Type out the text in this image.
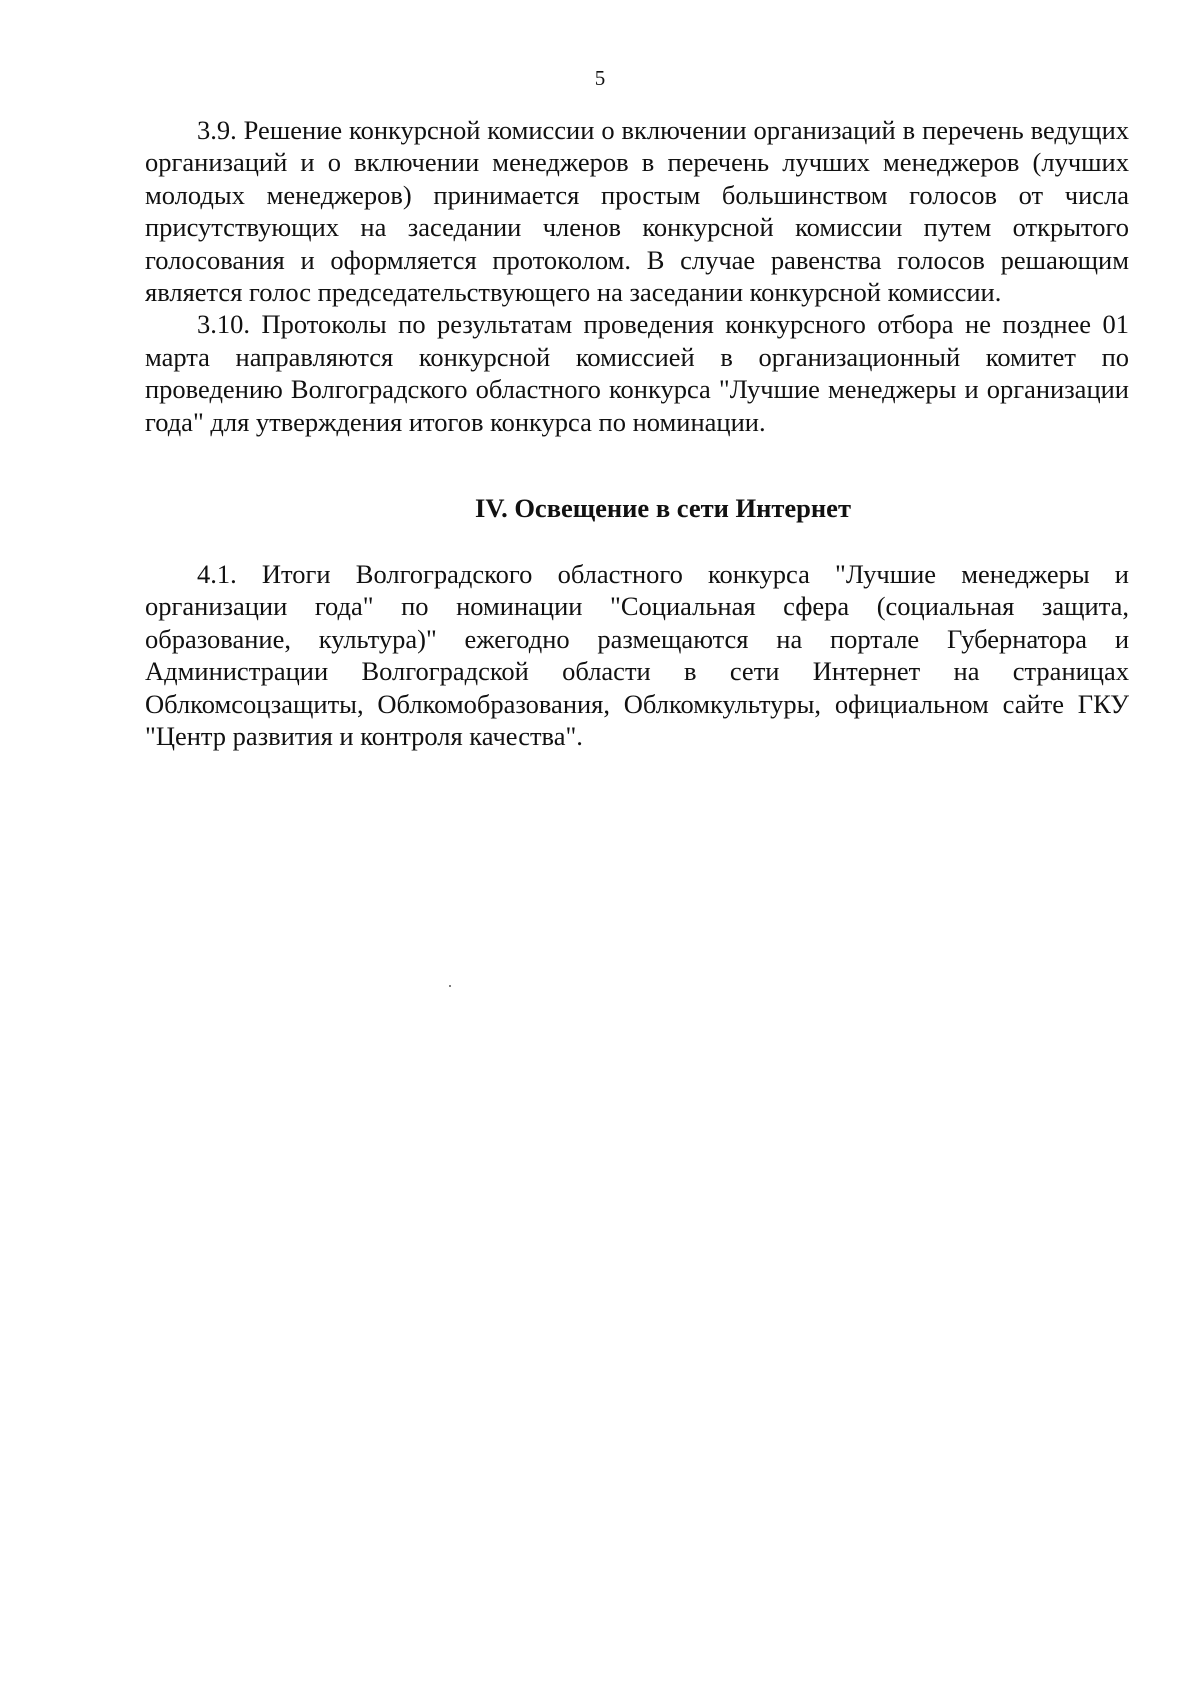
5

3.9. Решение конкурсной комиссии о включении организаций в перечень ведущих организаций и о включении менеджеров в перечень лучших менеджеров (лучших молодых менеджеров) принимается простым большинством голосов от числа присутствующих на заседании членов конкурсной комиссии путем открытого голосования и оформляется протоколом. В случае равенства голосов решающим является голос председательствующего на заседании конкурсной комиссии.

3.10. Протоколы по результатам проведения конкурсного отбора не позднее 01 марта направляются конкурсной комиссией в организационный комитет по проведению Волгоградского областного конкурса "Лучшие менеджеры и организации года" для утверждения итогов конкурса по номинации.

IV. Освещение в сети Интернет

4.1. Итоги Волгоградского областного конкурса "Лучшие менеджеры и организации года" по номинации "Социальная сфера (социальная защита, образование, культура)" ежегодно размещаются на портале Губернатора и Администрации Волгоградской области в сети Интернет на страницах Облкомсоцзащиты, Облкомобразования, Облкомкультуры, официальном сайте ГКУ "Центр развития и контроля качества".
